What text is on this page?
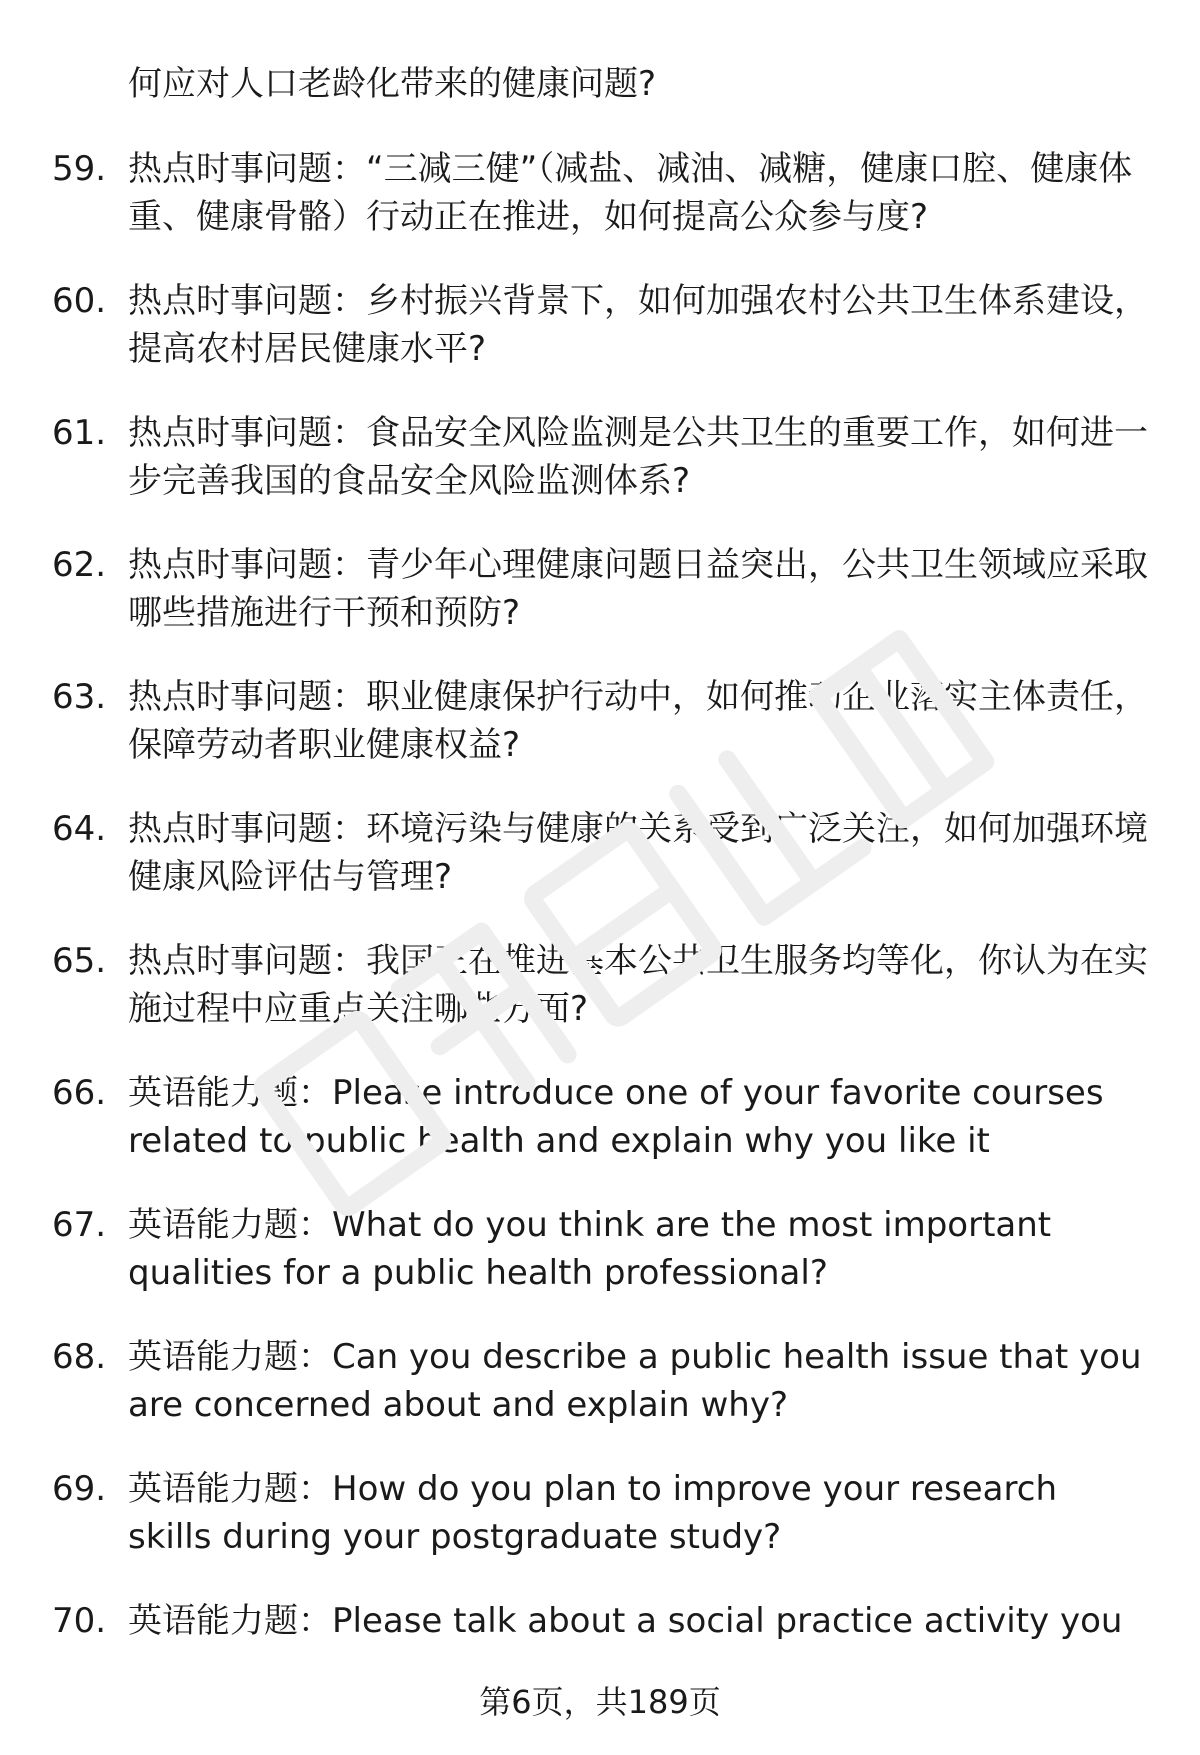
何应对人口老龄化带来的健康问题?
59. 热点时事问题：“三减三健”（减盐、减油、减糖，健康口腔、健康体重、健康骨骼）行动正在推进，如何提高公众参与度?
60. 热点时事问题：乡村振兴背景下，如何加强农村公共卫生体系建设，提高农村居民健康水平?
61. 热点时事问题：食品安全风险监测是公共卫生的重要工作，如何进一步完善我国的食品安全风险监测体系?
62. 热点时事问题：青少年心理健康问题日益突出，公共卫生领域应采取哪些措施进行干预和预防?
63. 热点时事问题：职业健康保护行动中，如何推动企业落实主体责任，保障劳动者职业健康权益?
64. 热点时事问题：环境污染与健康的关系受到广泛关注，如何加强环境健康风险评估与管理?
65. 热点时事问题：我国正在推进基本公共卫生服务均等化，你认为在实施过程中应重点关注哪些方面?
66. 英语能力题：Please introduce one of your favorite courses related to public health and explain why you like it
67. 英语能力题：What do you think are the most important qualities for a public health professional?
68. 英语能力题：Can you describe a public health issue that you are concerned about and explain why?
69. 英语能力题：How do you plan to improve your research skills during your postgraduate study?
70. 英语能力题：Please talk about a social practice activity you
第6页，共189页
